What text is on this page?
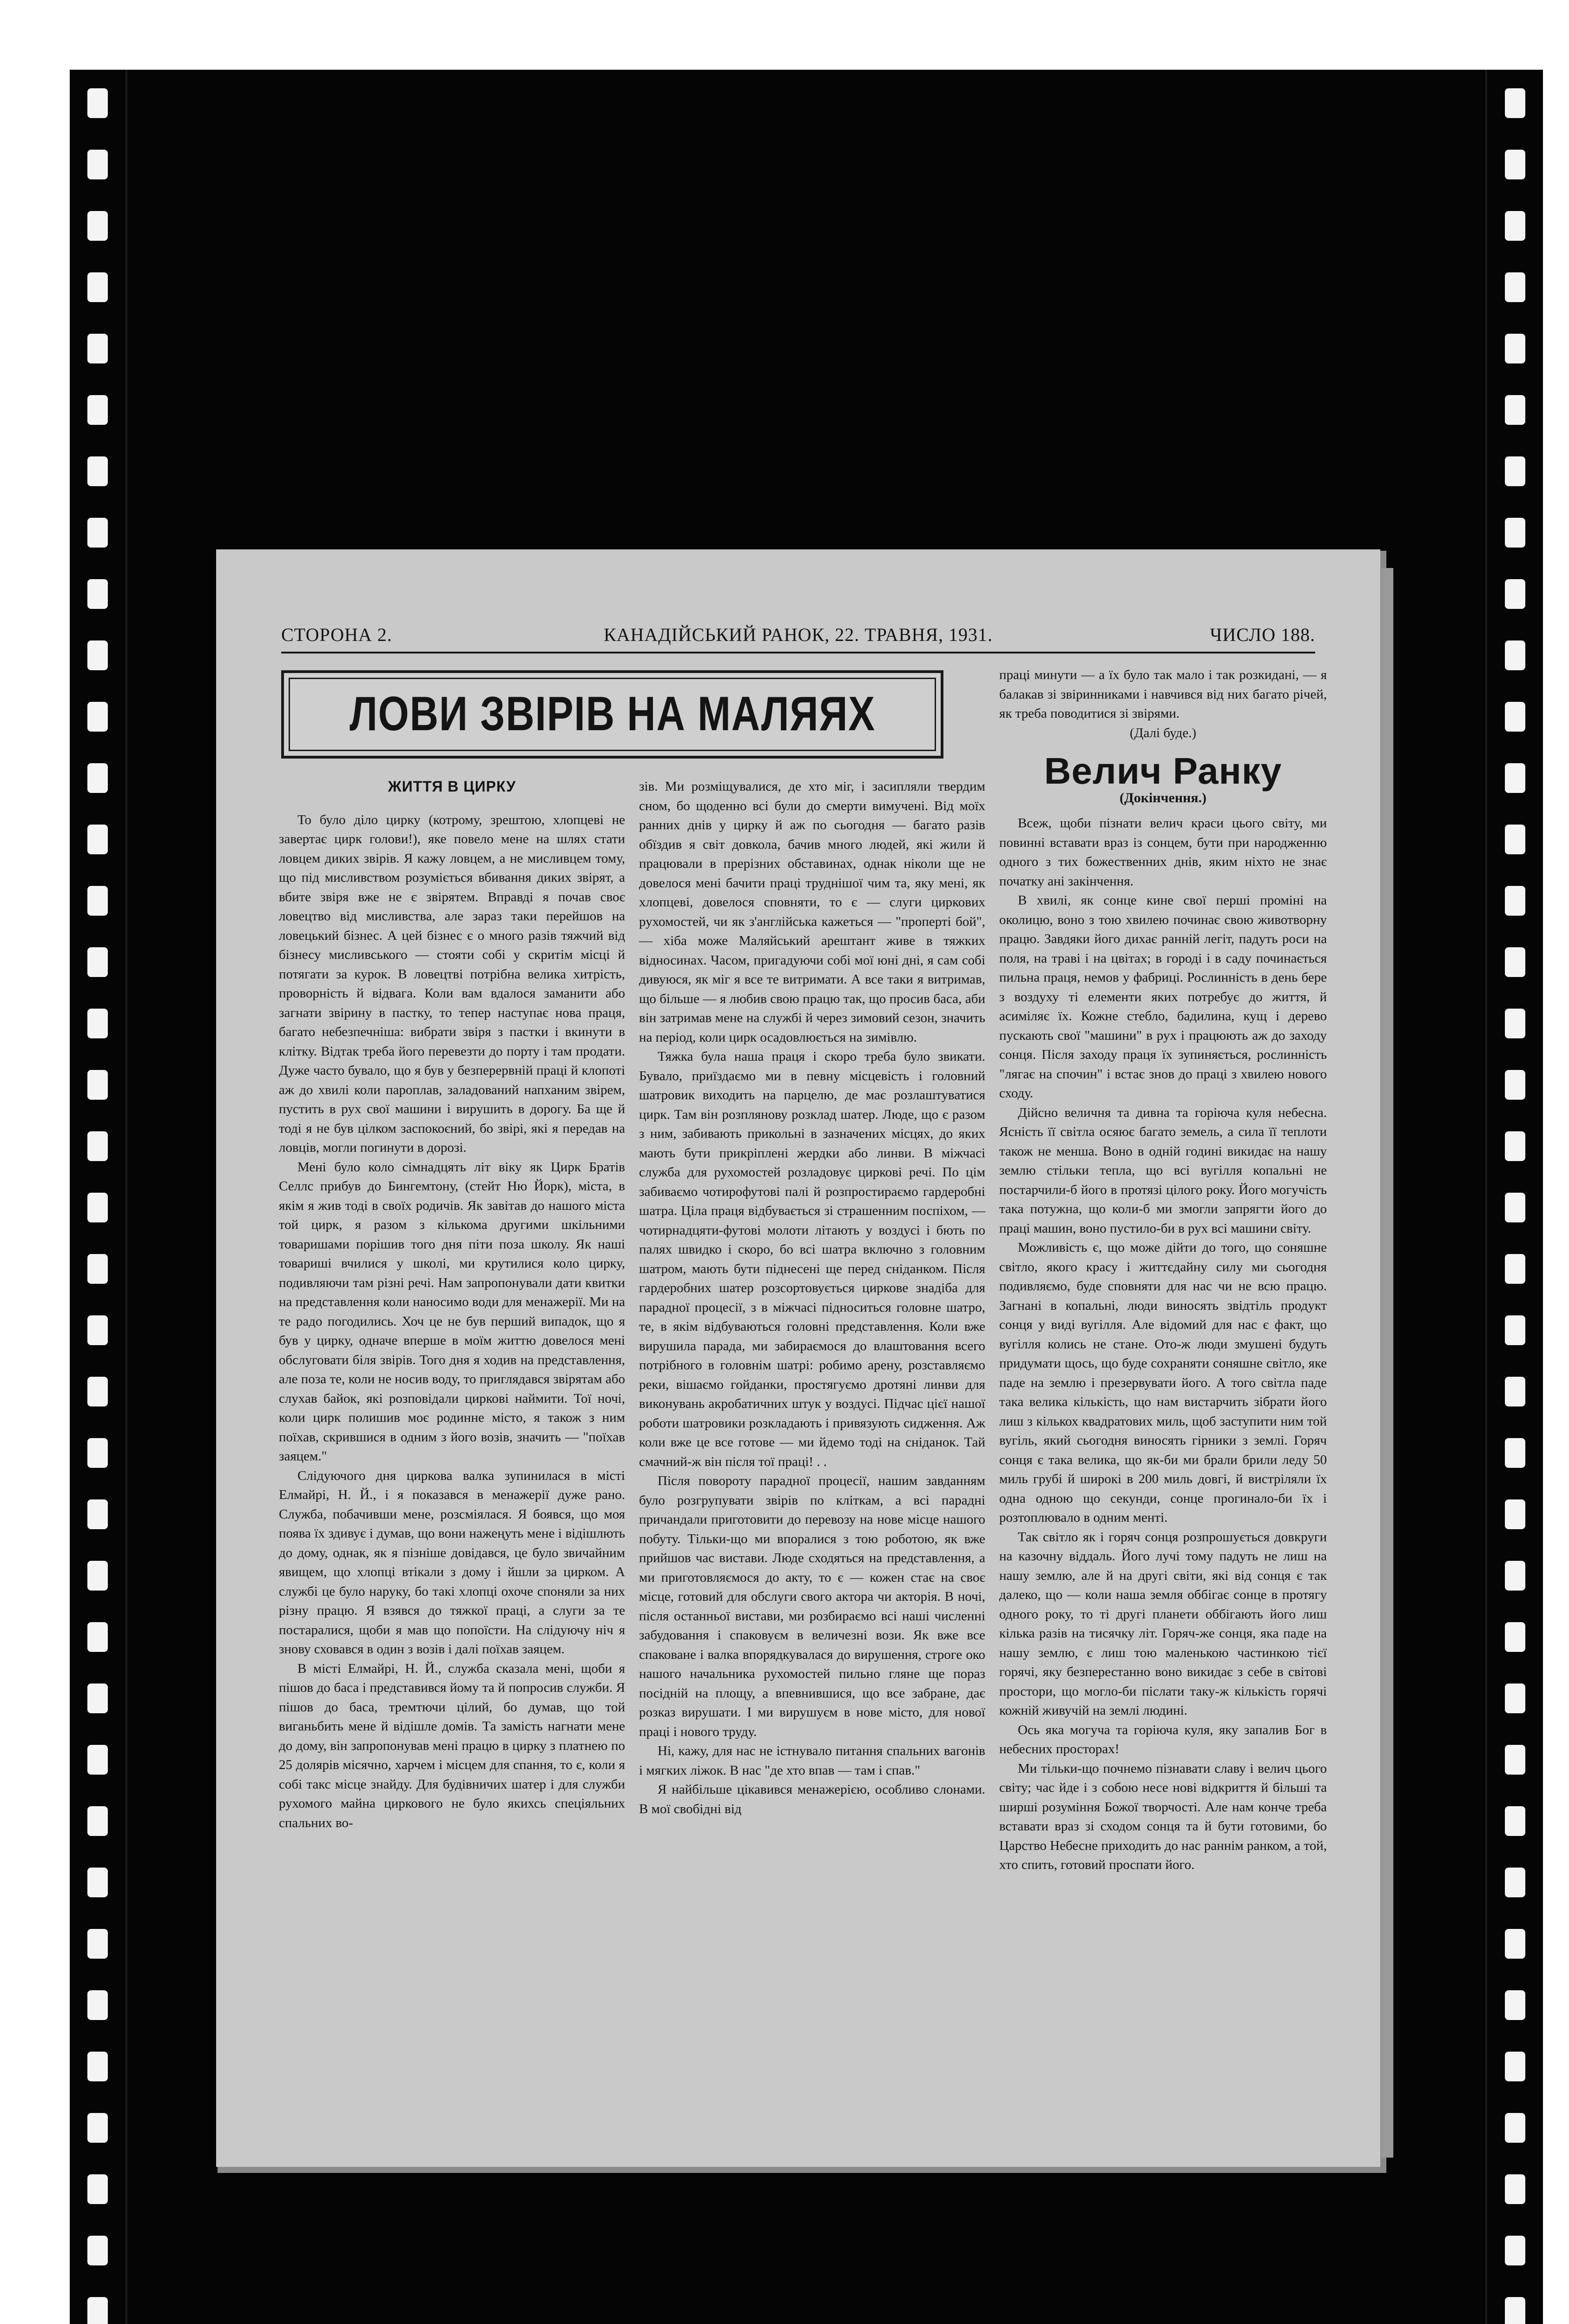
СТОРОНА 2.	КАНАДІЙСЬКИЙ РАНОК, 22. ТРАВНЯ, 1931.	ЧИСЛО 188.
ЛОВИ ЗВІРІВ НА МАЛЯЯХ
ЖИТТЯ В ЦИРКУ

То було діло цирку (котрому, зрештою, хлопцеві не завертає цирк голови!), яке повело мене на шлях стати ловцем диких звірів. Я кажу ловцем, а не мисливцем тому, що під мисливством розуміється вбивання диких звірят, а вбите звіря вже не є звірятем. Вправді я почав своє ловецтво від мисливства, але зараз таки перейшов на ловецький бізнес. А цей бізнес є о много разів тяжчий від бізнесу мисливського — стояти собі у скритім місці й потягати за курок. В ловецтві потрібна велика хитрість, проворність й відвага. Коли вам вдалося заманити або загнати звірину в пастку, то тепер наступає нова праця, багато небезпечніша: вибрати звіря з пастки і вкинути в клітку. Відтак треба його перевезти до порту і там продати. Дуже часто бувало, що я був у безперервній праці й клопоті аж до хвилі коли пароплав, заладований напханим звірем, пустить в рух свої машини і вирушить в дорогу. Ба ще й тоді я не був цілком заспокоєний, бо звірі, які я передав на ловців, могли погинути в дорозі.

Мені було коло сімнадцять літ віку як Цирк Братів Селлс прибув до Бингемтону, (стейт Ню Йорк), міста, в якім я жив тоді в своїх родичів. Як завітав до нашого міста той цирк, я разом з кількома другими шкільними товаришами порішив того дня піти поза школу. Як наші товариші вчилися у школі, ми крутилися коло цирку, подивляючи там різні речі. Нам запропонували дати квитки на представлення коли наносимо води для менажерії. Ми на те радо погодились. Хоч це не був перший випадок, що я був у цирку, одначе вперше в моїм життю довелося мені обслуговати біля звірів. Того дня я ходив на представлення, але поза те, коли не носив воду, то приглядався звірятам або слухав байок, які розповідали циркові наймити. Тої ночі, коли цирк полишив моє родинне місто, я також з ним поїхав, скрившися в одним з його возів, значить — "поїхав заяцем."

Слідуючого дня циркова валка зупинилася в місті Елмайрі, Н. Й., і я показався в менажерії дуже рано. Служба, побачивши мене, розсміялася. Я боявся, що моя поява їх здивує і думав, що вони нажеңуть мене і відішлють до дому, однак, як я пізніше довідався, це було звичайним явищем, що хлопці втікали з дому і йшли за цирком. А службі це було наруку, бо такі хлопці охоче споняли за них різну працю. Я взявся до тяжкої праці, а слуги за те постаралися, щоби я мав що попоїсти. На слідуючу ніч я знову сховався в один з возів і далі поїхав заяцем.

В місті Елмайрі, Н. Й., служба сказала мені, щоби я пішов до баса і представився йому та й попросив служби. Я пішов до баса, тремтючи цілий, бо думав, що той виганьбить мене й відішле домів. Та замість нагнати мене до дому, він запропонував мені працю в цирку з платнею по 25 долярів місячно, харчем і місцем для спання, то є, коли я собі такс місце знайду. Для будівничих шатер і для служби рухомого майна циркового не було якихсь спеціяльних спальних во-

зів. Ми розміщувалися, де хто міг, і засипляли твердим сном, бо щоденно всі були до смерти вимучені. Від моїх ранних днів у цирку й аж по сьогодня — багато разів обїздив я світ довкола, бачив много людей, які жили й працювали в прерізних обставинах, однак ніколи ще не довелося мені бачити праці труднішої чим та, яку мені, як хлопцеві, довелося сповняти, то є — слуги циркових рухомостей, чи як з'англійська кажеться — "проперті бой", — хіба може Маляйський арештант живе в тяжких відносинах. Часом, пригадуючи собі мої юні дні, я сам собі дивуюся, як міг я все те витримати. А все таки я витримав, що більше — я любив свою працю так, що просив баса, аби він затримав мене на службі й через зимовий сезон, значить на період, коли цирк осадовлюється на зимівлю.

Тяжка була наша праця і скоро треба було звикати. Бувало, приїздаємо ми в певну місцевість і головний шатровик виходить на парцелю, де має розлаштуватися цирк. Там він розплянову розклад шатер. Люде, що є разом з ним, забивають прикольні в зазначених місцях, до яких мають бути прикріплені жердки або линви. В міжчасі служба для рухомостей розладовує циркові речі. По цім забиваємо чотирофутові палі й розпростираємо гардеробні шатра. Ціла праця відбувається зі страшенним поспіхом, — чотирнадцяти-футові молоти літають у воздусі і бють по палях швидко і скоро, бо всі шатра включно з головним шатром, мають бути піднесені ще перед сніданком. Після гардеробних шатер розсортовується циркове знадіба для парадної процесії, з в міжчасі підноситься головне шатро, те, в якім відбуваються головні представлення. Коли вже вирушила парада, ми забираємося до влаштовання всего потрібного в головнім шатрі: робимо арену, розставляємо реки, вішаємо гойданки, простягуємо дротяні линви для виконувань акробатичних штук у воздусі. Підчас цієї нашої роботи шатровики розкладають і привязують сидження. Аж коли вже це все готове — ми йдемо тоді на сніданок. Тай смачний-ж він після тої праці! . .

Після повороту парадної процесії, нашим завданням було розгрупувати звірів по кліткам, а всі парадні причандали приготовити до перевозу на нове місце нашого побуту. Тільки-що ми впоралися з тою роботою, як вже прийшов час вистави. Люде сходяться на представлення, а ми приготовляємося до акту, то є — кожен стає на своє місце, готовий для обслуги свого актора чи акторія. В ночі, після останньої вистави, ми розбираємо всі наші численні забудовання і спаковуєм в величезні вози. Як вже все спаковане і валка впорядкувалася до вирушення, строге око нашого начальника рухомостей пильно гляне ще пораз посідній на площу, а впевнившися, що все забране, дає розказ вирушати. І ми вирушуєм в нове місто, для нової праці і нового труду.

Ні, кажу, для нас не істнувало питання спальних вагонів і мягких ліжок. В нас "де хто впав — там і спав."

Я найбільше цікавився менажерією, особливо слонами. В мої свобідні від

праці минути — а їх було так мало і так розкидані, — я балакав зі звіринниками і навчився від них багато річей, як треба поводитися зі звірями.

(Далі буде.)

Велич Ранку
(Докінчення.)

Всеж, щоби пізнати велич краси цього світу, ми повинні вставати враз із сонцем, бути при народженню одного з тих божественних днів, яким ніхто не знає початку ані закінчення.

В хвилі, як сонце кине свої перші проміні на околицю, воно з тою хвилею починає свою животворну працю. Завдяки його дихає ранній легіт, падуть роси на поля, на траві і на цвітах; в городі і в саду починається пильна праця, немов у фабриці. Рослинність в день бере з воздуху ті елементи яких потребує до життя, й асиміляє їх. Кожне стебло, бадилина, кущ і дерево пускають свої "машини" в рух і працюють аж до заходу сонця. Після заходу праця їх зупиняється, рослинність "лягає на спочин" і встає знов до праці з хвилею нового сходу.

Дійсно величня та дивна та горіюча куля небесна. Ясність її світла осяює багато земель, а сила її теплоти також не менша. Воно в одній годині викидає на нашу землю стільки тепла, що всі вугілля копальні не постарчили-б його в протязі цілого року. Його могучість така потужна, що коли-б ми змогли запрягти його до праці машин, воно пустило-би в рух всі машини світу.

Можливість є, що може дійти до того, що соняшне світло, якого красу і життєдайну силу ми сьогодня подивляємо, буде сповняти для нас чи не всю працю. Загнані в копальні, люди виносять звідтіль продукт сонця у виді вугілля. Але відомий для нас є факт, що вугілля колись не стане. Ото-ж люди змушені будуть придумати щось, що буде сохраняти соняшне світло, яке паде на землю і презервувати його. А того світла паде така велика кількість, що нам вистарчить зібрати його лиш з кількох квадратових миль, щоб заступити ним той вугіль, який сьогодня виносять гірники з землі. Горяч сонця є така велика, що як-би ми брали брили леду 50 миль грубі й широкі в 200 миль довгі, й вистріляли їх одна одною що секунди, сонце прогинало-би їх і розтоплювало в одним менті.

Так світло як і горяч сонця розпрошується довкруги на казочну віддаль. Його лучі тому падуть не лиш на нашу землю, але й на другі світи, які від сонця є так далеко, що — коли наша земля оббігає сонце в протягу одного року, то ті другі планети оббігають його лиш кілька разів на тисячку літ. Горяч-же сонця, яка паде на нашу землю, є лиш тою маленькою частинкою тієї горячі, яку безперестанно воно викидає з себе в світові простори, що могло-би післати таку-ж кількість горячі кожній живучій на землі людині.

Ось яка могуча та горіюча куля, яку запалив Бог в небесних просторах!

Ми тільки-що почнемо пізнавати славу і велич цього світу; час йде і з собою несе нові відкриття й більші та ширші розуміння Божої творчості. Але нам конче треба вставати враз зі сходом сонця та й бути готовими, бо Царство Небесне приходить до нас раннім ранком, а той, хто спить, готовий проспати його.
